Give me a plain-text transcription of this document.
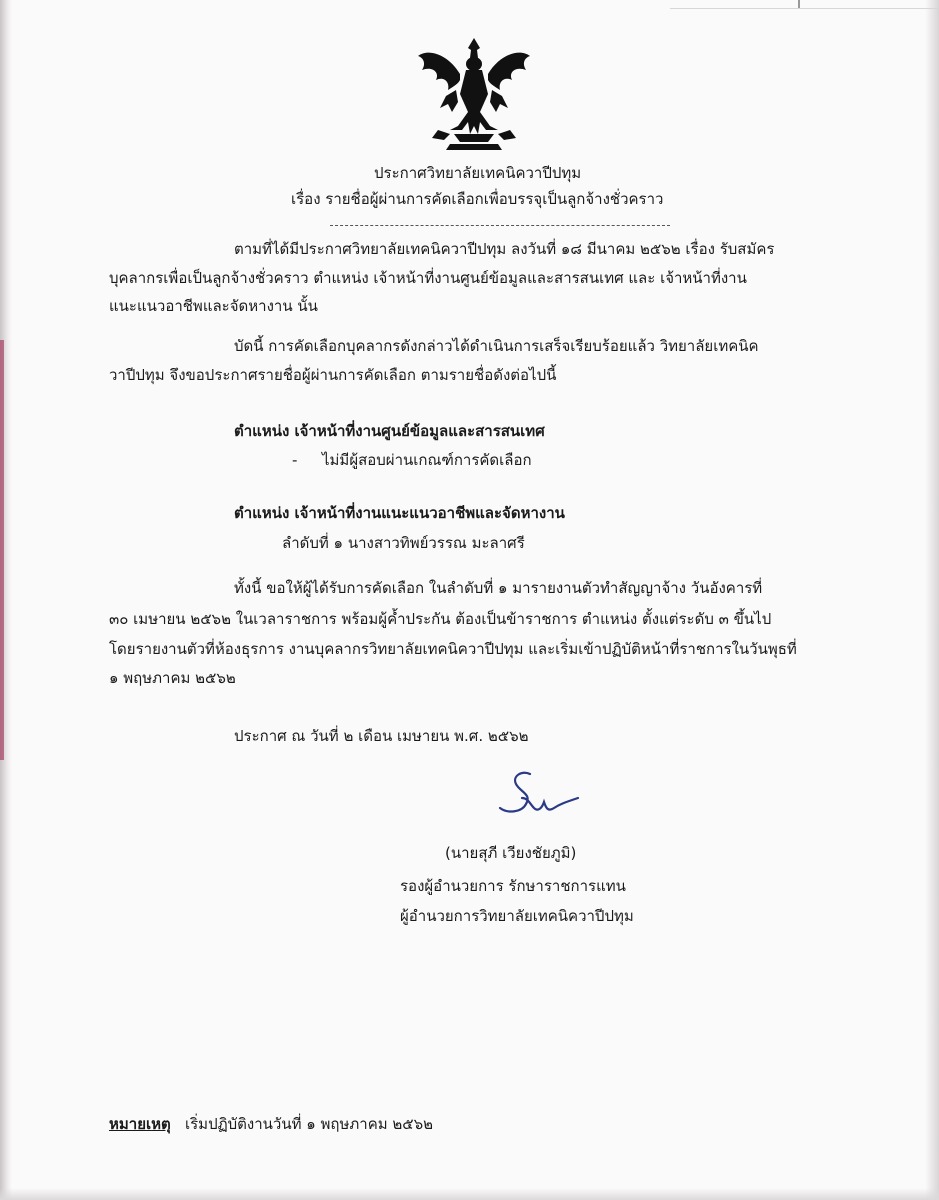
ประกาศวิทยาลัยเทคนิควาปีปทุม
เรื่อง รายชื่อผู้ผ่านการคัดเลือกเพื่อบรรจุเป็นลูกจ้างชั่วคราว
ตามที่ได้มีประกาศวิทยาลัยเทคนิควาปีปทุม ลงวันที่ ๑๘ มีนาคม ๒๕๖๒ เรื่อง รับสมัคร
บุคลากรเพื่อเป็นลูกจ้างชั่วคราว ตำแหน่ง เจ้าหน้าที่งานศูนย์ข้อมูลและสารสนเทศ และ เจ้าหน้าที่งาน
แนะแนวอาชีพและจัดหางาน นั้น
บัดนี้ การคัดเลือกบุคลากรดังกล่าวได้ดำเนินการเสร็จเรียบร้อยแล้ว วิทยาลัยเทคนิค
วาปีปทุม จึงขอประกาศรายชื่อผู้ผ่านการคัดเลือก ตามรายชื่อดังต่อไปนี้
ตำแหน่ง เจ้าหน้าที่งานศูนย์ข้อมูลและสารสนเทศ
- ไม่มีผู้สอบผ่านเกณฑ์การคัดเลือก
ตำแหน่ง เจ้าหน้าที่งานแนะแนวอาชีพและจัดหางาน
ลำดับที่ ๑ นางสาวทิพย์วรรณ มะลาศรี
ทั้งนี้ ขอให้ผู้ได้รับการคัดเลือก ในลำดับที่ ๑ มารายงานตัวทำสัญญาจ้าง วันอังคารที่
๓๐ เมษายน ๒๕๖๒ ในเวลาราชการ พร้อมผู้ค้ำประกัน ต้องเป็นข้าราชการ ตำแหน่ง ตั้งแต่ระดับ ๓ ขึ้นไป
โดยรายงานตัวที่ห้องธุรการ งานบุคลากรวิทยาลัยเทคนิควาปีปทุม และเริ่มเข้าปฏิบัติหน้าที่ราชการในวันพุธที่
๑ พฤษภาคม ๒๕๖๒
ประกาศ ณ วันที่ ๒ เดือน เมษายน พ.ศ. ๒๕๖๒
(นายสุภี เวียงชัยภูมิ)
รองผู้อำนวยการ รักษาราชการแทน
ผู้อำนวยการวิทยาลัยเทคนิควาปีปทุม
หมายเหตุ เริ่มปฏิบัติงานวันที่ ๑ พฤษภาคม ๒๕๖๒
